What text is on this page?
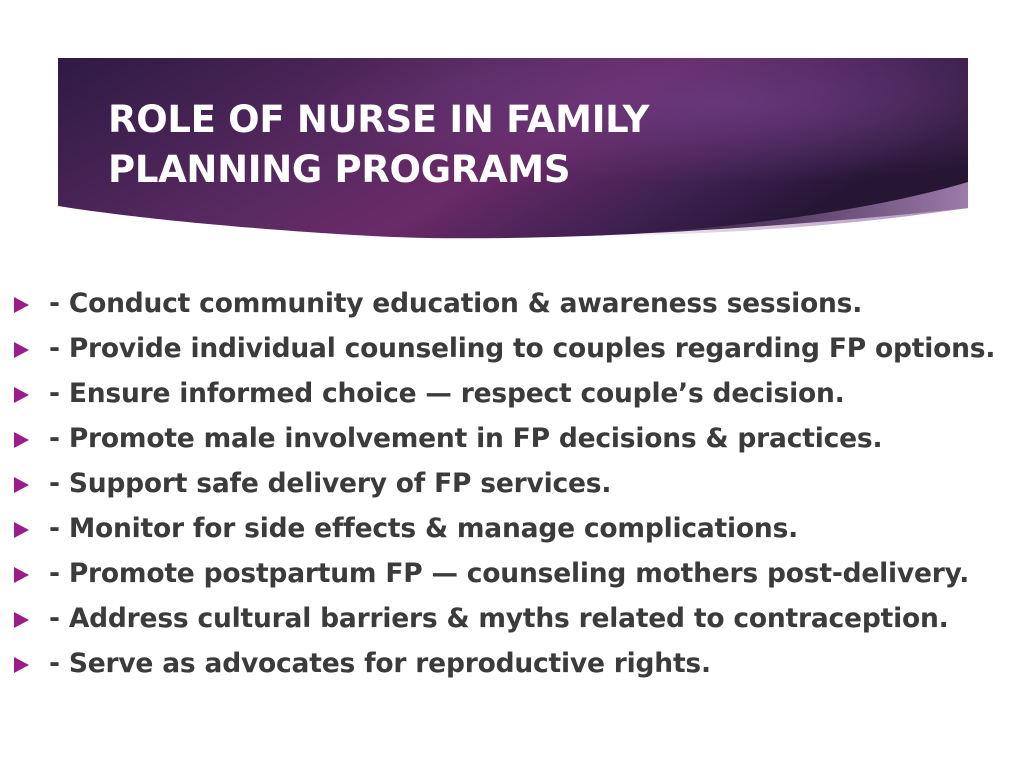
ROLE OF NURSE IN FAMILY
PLANNING PROGRAMS
- Conduct community education & awareness sessions.
- Provide individual counseling to couples regarding FP options.
- Ensure informed choice — respect couple’s decision.
- Promote male involvement in FP decisions & practices.
- Support safe delivery of FP services.
- Monitor for side effects & manage complications.
- Promote postpartum FP — counseling mothers post-delivery.
- Address cultural barriers & myths related to contraception.
- Serve as advocates for reproductive rights.
